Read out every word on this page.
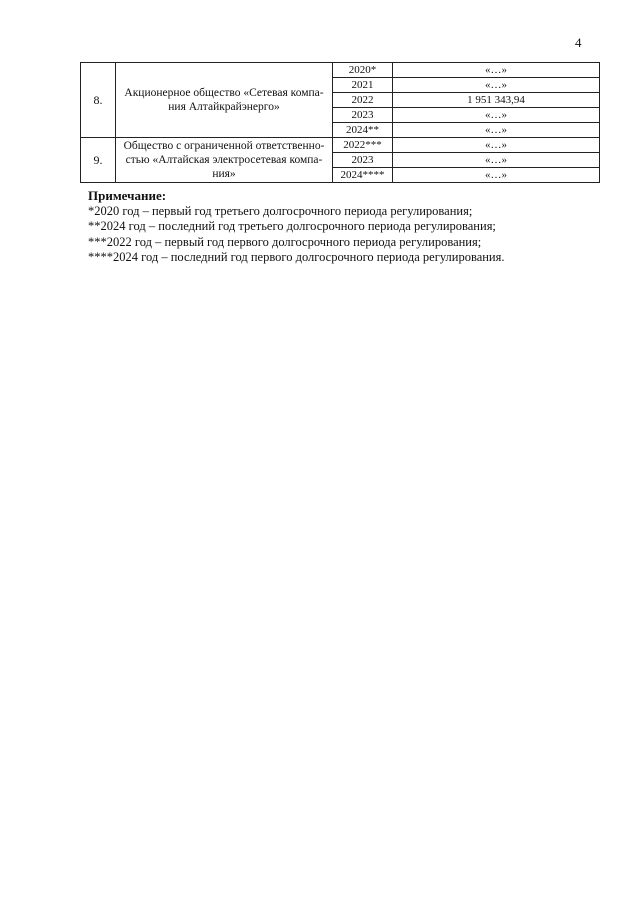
4
8.	Акционерное общество «Сетевая компа-ния Алтайкрайэнерго»	2020*	«…»
		2021	«…»
		2022	1 951 343,94
		2023	«…»
		2024**	«…»
9.	Общество с ограниченной ответственно-стью «Алтайская электросетевая компа-ния»	2022***	«…»
		2023	«…»
		2024****	«…»
Примечание:
*2020 год – первый год третьего долгосрочного периода регулирования;
**2024 год – последний год третьего долгосрочного периода регулирования;
***2022 год – первый год первого долгосрочного периода регулирования;
****2024 год – последний год первого долгосрочного периода регулирования.
